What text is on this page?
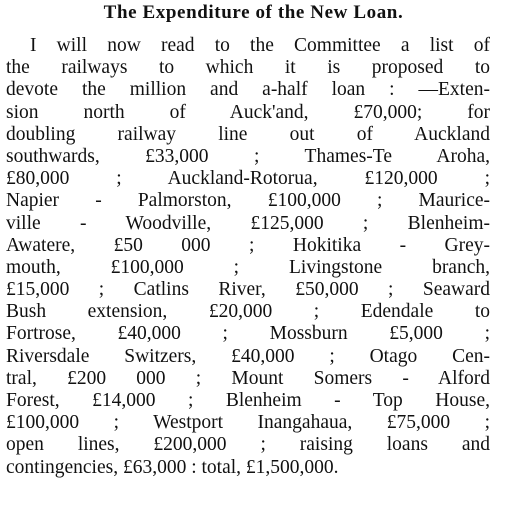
The Expenditure of the New Loan.
I will now read to the Committee a list of
the railways to which it is proposed to
devote the million and a-half loan : —Exten-
sion north of Auck'and, £70,000; for
doubling railway line out of Auckland
southwards, £33,000 ; Thames-Te Aroha,
£80,000 ; Auckland-Rotorua, £120,000 ;
Napier - Palmorston, £100,000 ; Maurice-
ville - Woodville, £125,000 ; Blenheim-
Awatere, £50 000 ; Hokitika - Grey-
mouth, £100,000 ; Livingstone branch,
£15,000 ; Catlins River, £50,000 ; Seaward
Bush extension, £20,000 ; Edendale to
Fortrose, £40,000 ; Mossburn £5,000 ;
Riversdale Switzers, £40,000 ; Otago Cen-
tral, £200 000 ; Mount Somers - Alford
Forest, £14,000 ; Blenheim - Top House,
£100,000 ; Westport Inangahaua, £75,000 ;
open lines, £200,000 ; raising loans and
contingencies, £63,000 : total, £1,500,000.
